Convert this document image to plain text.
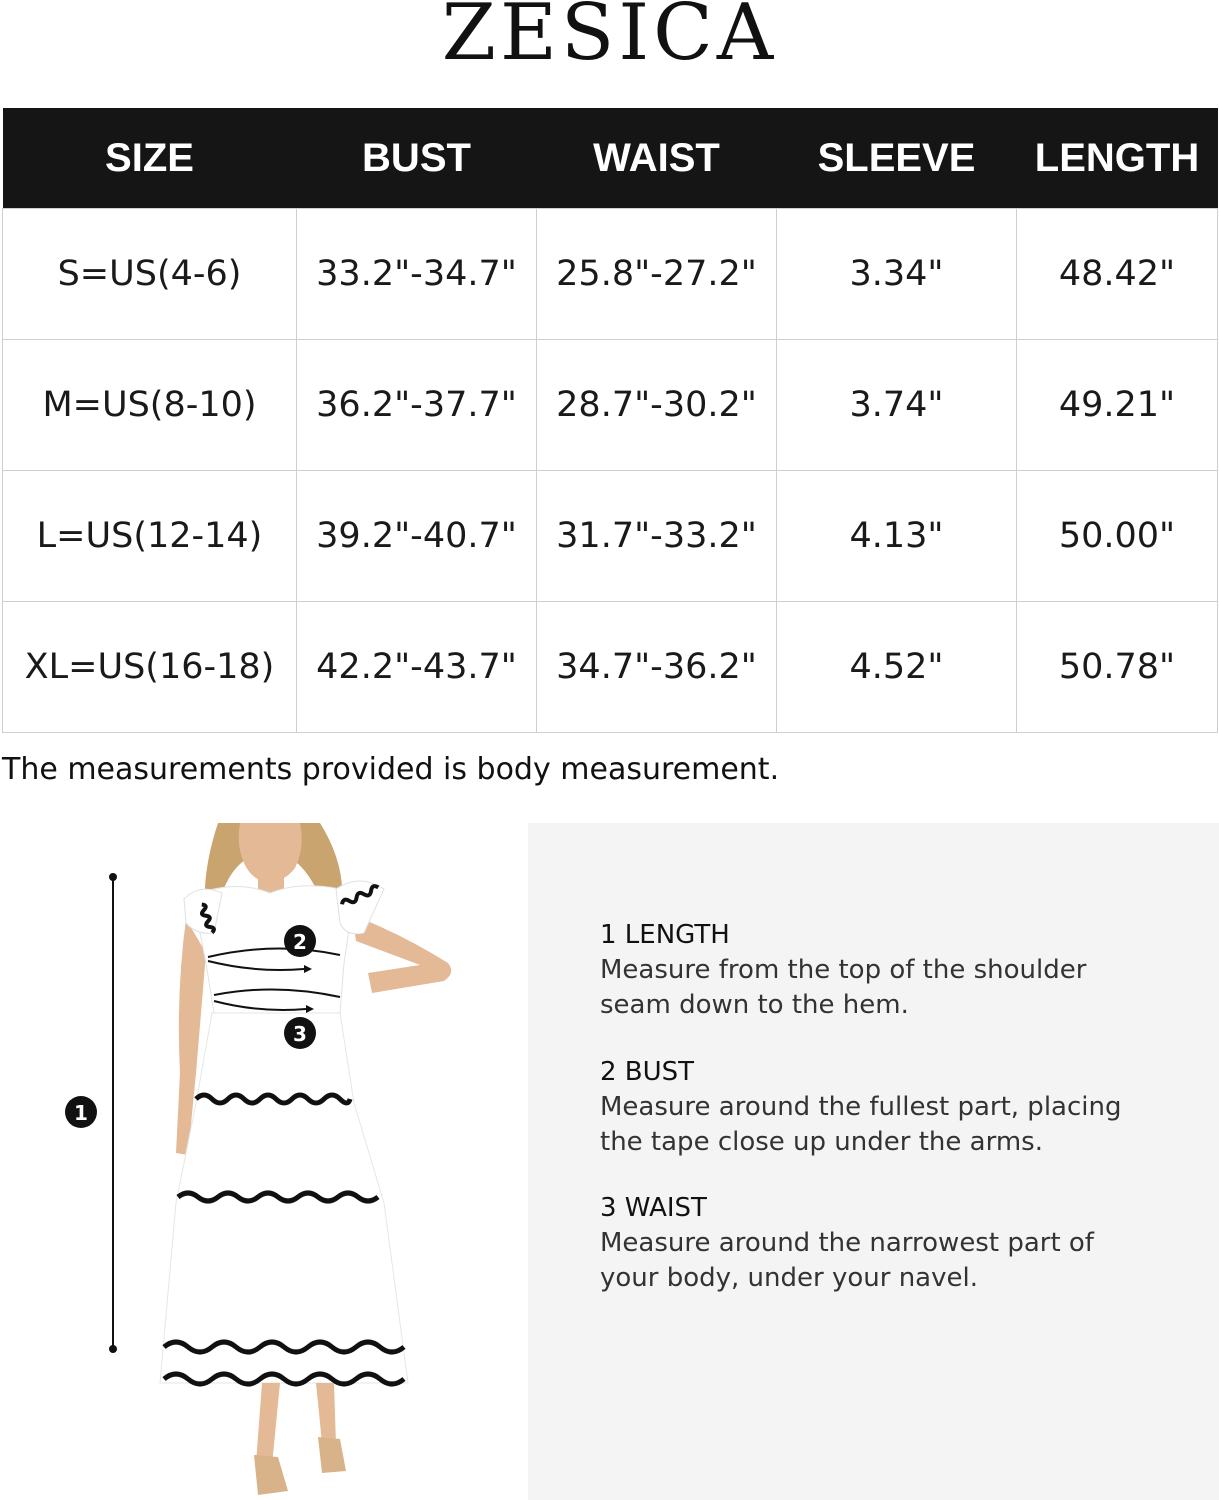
ZESICA
SIZE	BUST	WAIST	SLEEVE	LENGTH
S=US(4-6)	33.2"-34.7"	25.8"-27.2"	3.34"	48.42"
M=US(8-10)	36.2"-37.7"	28.7"-30.2"	3.74"	49.21"
L=US(12-14)	39.2"-40.7"	31.7"-33.2"	4.13"	50.00"
XL=US(16-18)	42.2"-43.7"	34.7"-36.2"	4.52"	50.78"
The measurements provided is body measurement.
1
2
3
1 LENGTH
Measure from the top of the shoulder
seam down to the hem.
2 BUST
Measure around the fullest part, placing
the tape close up under the arms.
3 WAIST
Measure around the narrowest part of
your body, under your navel.
